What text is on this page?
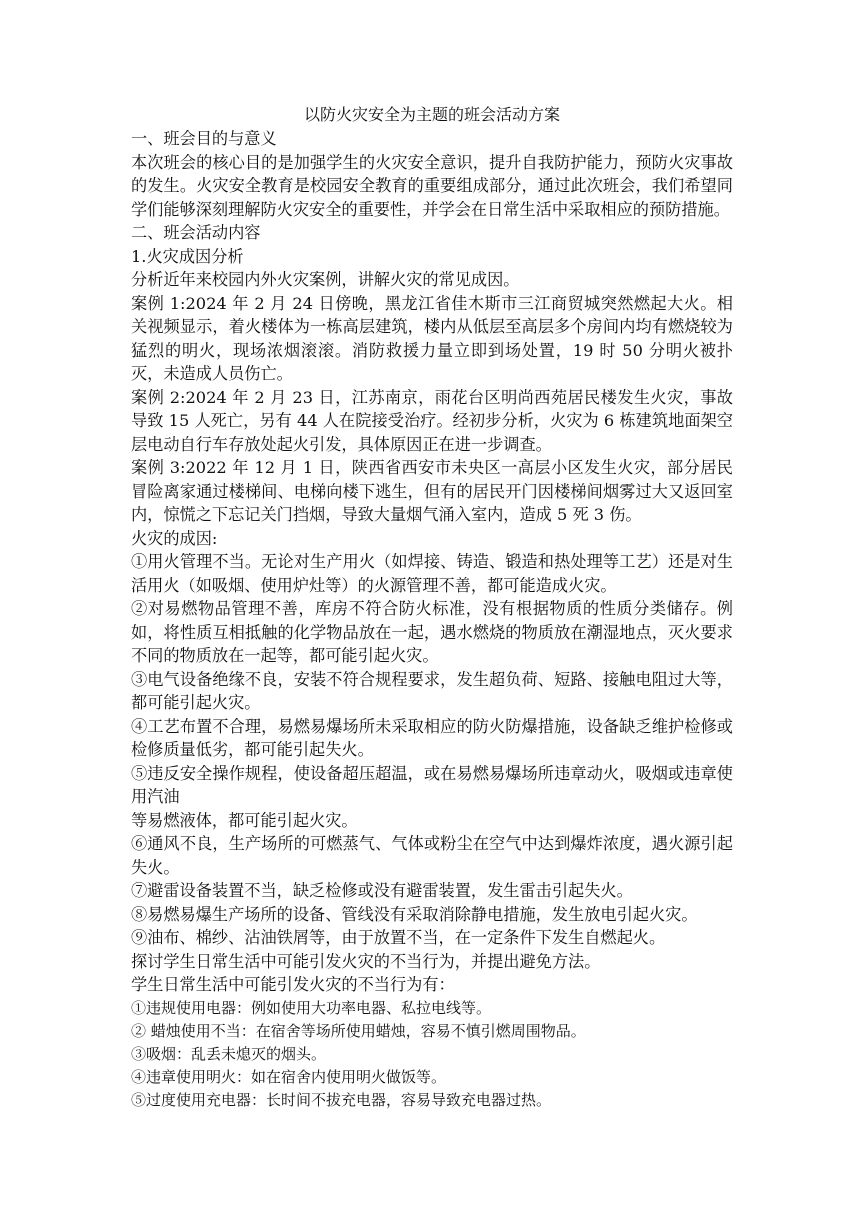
以防火灾安全为主题的班会活动方案

一、班会目的与意义

本次班会的核心目的是加强学生的火灾安全意识，提升自我防护能力，预防火灾事故的发生。火灾安全教育是校园安全教育的重要组成部分，通过此次班会，我们希望同学们能够深刻理解防火灾安全的重要性，并学会在日常生活中采取相应的预防措施。

二、班会活动内容

1.火灾成因分析

分析近年来校园内外火灾案例，讲解火灾的常见成因。

案例 1:2024 年 2 月 24 日傍晚，黑龙江省佳木斯市三江商贸城突然燃起大火。相关视频显示，着火楼体为一栋高层建筑，楼内从低层至高层多个房间内均有燃烧较为猛烈的明火，现场浓烟滚滚。消防救援力量立即到场处置，19 时 50 分明火被扑灭，未造成人员伤亡。

案例 2:2024 年 2 月 23 日，江苏南京，雨花台区明尚西苑居民楼发生火灾，事故导致 15 人死亡，另有 44 人在院接受治疗。经初步分析，火灾为 6 栋建筑地面架空层电动自行车存放处起火引发，具体原因正在进一步调查。

案例 3:2022 年 12 月 1 日，陕西省西安市未央区一高层小区发生火灾，部分居民冒险离家通过楼梯间、电梯向楼下逃生，但有的居民开门因楼梯间烟雾过大又返回室内，惊慌之下忘记关门挡烟，导致大量烟气涌入室内，造成 5 死 3 伤。

火灾的成因:

①用火管理不当。无论对生产用火（如焊接、铸造、锻造和热处理等工艺）还是对生活用火（如吸烟、使用炉灶等）的火源管理不善，都可能造成火灾。

②对易燃物品管理不善，库房不符合防火标准，没有根据物质的性质分类储存。例如，将性质互相抵触的化学物品放在一起，遇水燃烧的物质放在潮湿地点，灭火要求不同的物质放在一起等，都可能引起火灾。

③电气设备绝缘不良，安装不符合规程要求，发生超负荷、短路、接触电阻过大等，都可能引起火灾。

④工艺布置不合理，易燃易爆场所未采取相应的防火防爆措施，设备缺乏维护检修或检修质量低劣，都可能引起失火。

⑤违反安全操作规程，使设备超压超温，或在易燃易爆场所违章动火，吸烟或违章使用汽油

等易燃液体，都可能引起火灾。

⑥通风不良，生产场所的可燃蒸气、气体或粉尘在空气中达到爆炸浓度，遇火源引起失火。

⑦避雷设备装置不当，缺乏检修或没有避雷装置，发生雷击引起失火。

⑧易燃易爆生产场所的设备、管线没有采取消除静电措施，发生放电引起火灾。

⑨油布、棉纱、沾油铁屑等，由于放置不当，在一定条件下发生自燃起火。

探讨学生日常生活中可能引发火灾的不当行为，并提出避免方法。

学生日常生活中可能引发火灾的不当行为有：

①违规使用电器：例如使用大功率电器、私拉电线等。

② 蜡烛使用不当：在宿舍等场所使用蜡烛，容易不慎引燃周围物品。

③吸烟：乱丢未熄灭的烟头。

④违章使用明火：如在宿舍内使用明火做饭等。

⑤过度使用充电器：长时间不拔充电器，容易导致充电器过热。
